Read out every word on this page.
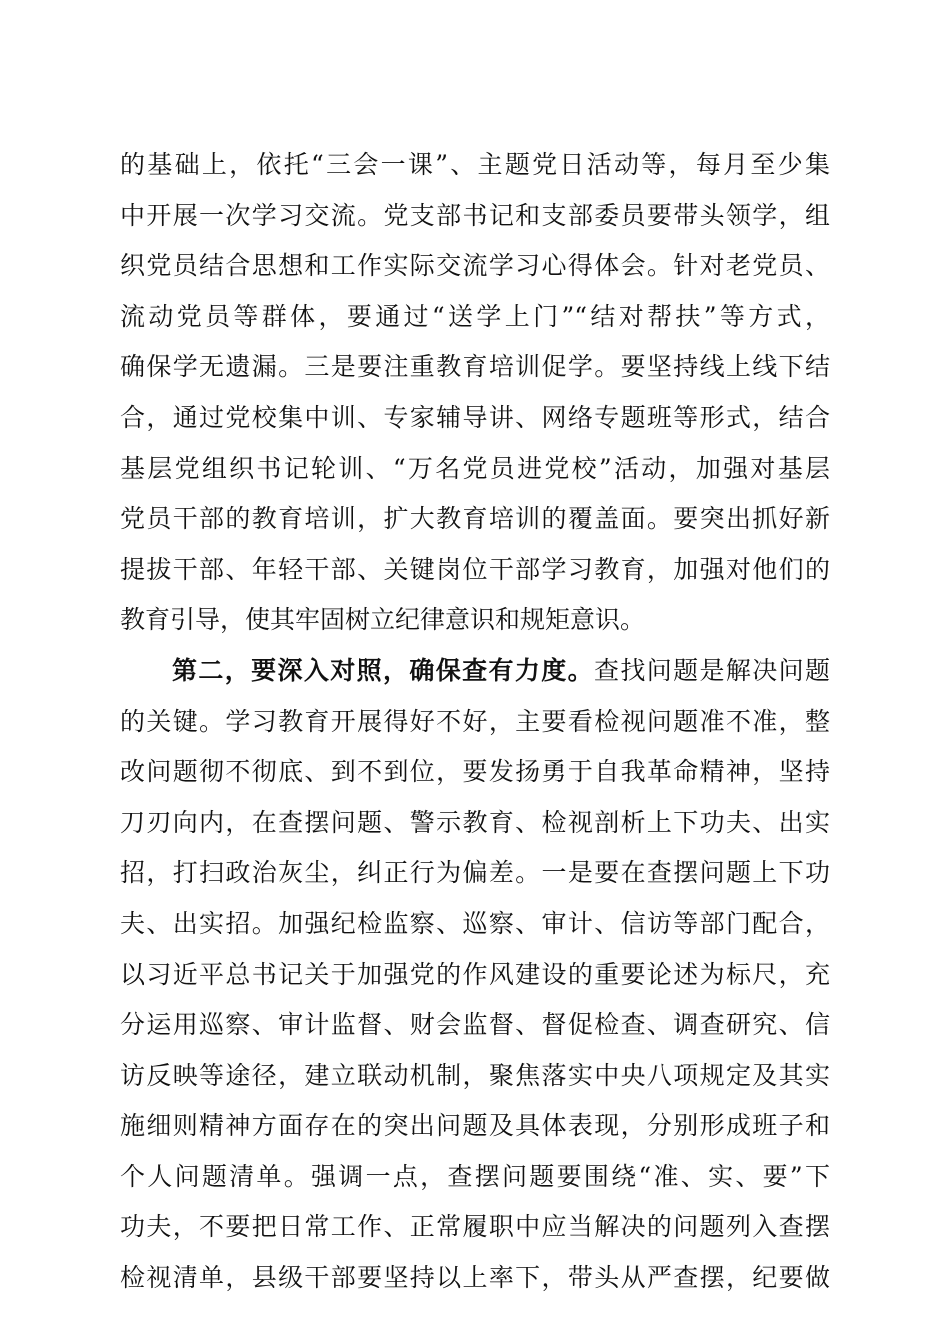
的基础上，依托“三会一课”、主题党日活动等，每月至少集
中开展一次学习交流。党支部书记和支部委员要带头领学，组
织党员结合思想和工作实际交流学习心得体会。针对老党员、
流动党员等群体，要通过“送学上门”“结对帮扶”等方式，
确保学无遗漏。三是要注重教育培训促学。要坚持线上线下结
合，通过党校集中训、专家辅导讲、网络专题班等形式，结合
基层党组织书记轮训、“万名党员进党校”活动，加强对基层
党员干部的教育培训，扩大教育培训的覆盖面。要突出抓好新
提拔干部、年轻干部、关键岗位干部学习教育，加强对他们的
教育引导，使其牢固树立纪律意识和规矩意识。
第二，要深入对照，确保查有力度。查找问题是解决问题
的关键。学习教育开展得好不好，主要看检视问题准不准，整
改问题彻不彻底、到不到位，要发扬勇于自我革命精神，坚持
刀刃向内，在查摆问题、警示教育、检视剖析上下功夫、出实
招，打扫政治灰尘，纠正行为偏差。一是要在查摆问题上下功
夫、出实招。加强纪检监察、巡察、审计、信访等部门配合，
以习近平总书记关于加强党的作风建设的重要论述为标尺，充
分运用巡察、审计监督、财会监督、督促检查、调查研究、信
访反映等途径，建立联动机制，聚焦落实中央八项规定及其实
施细则精神方面存在的突出问题及具体表现，分别形成班子和
个人问题清单。强调一点，查摆问题要围绕“准、实、要”下
功夫，不要把日常工作、正常履职中应当解决的问题列入查摆
检视清单，县级干部要坚持以上率下，带头从严查摆，纪要做
